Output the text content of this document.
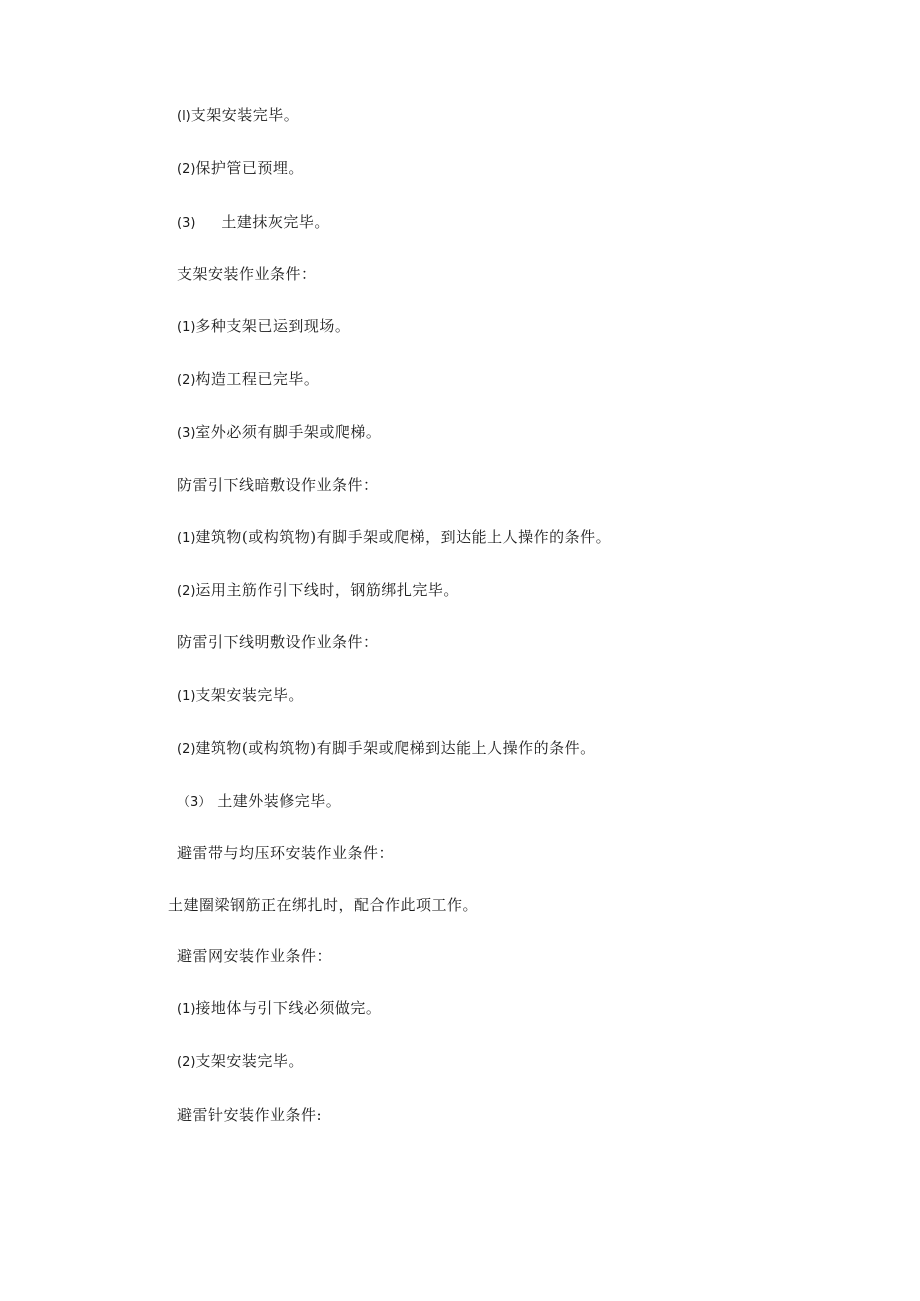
(l)支架安装完毕。
(2)保护管已预埋。
(3) 土建抹灰完毕。
支架安装作业条件：
(1)多种支架已运到现场。
(2)构造工程已完毕。
(3)室外必须有脚手架或爬梯。
防雷引下线暗敷设作业条件：
(1)建筑物(或构筑物)有脚手架或爬梯，到达能上人操作的条件。
(2)运用主筋作引下线时，钢筋绑扎完毕。
防雷引下线明敷设作业条件：
(1)支架安装完毕。
(2)建筑物(或构筑物)有脚手架或爬梯到达能上人操作的条件。
（3） 土建外装修完毕。
避雷带与均压环安装作业条件：
土建圈梁钢筋正在绑扎时，配合作此项工作。
避雷网安装作业条件：
(1)接地体与引下线必须做完。
(2)支架安装完毕。
避雷针安装作业条件:
